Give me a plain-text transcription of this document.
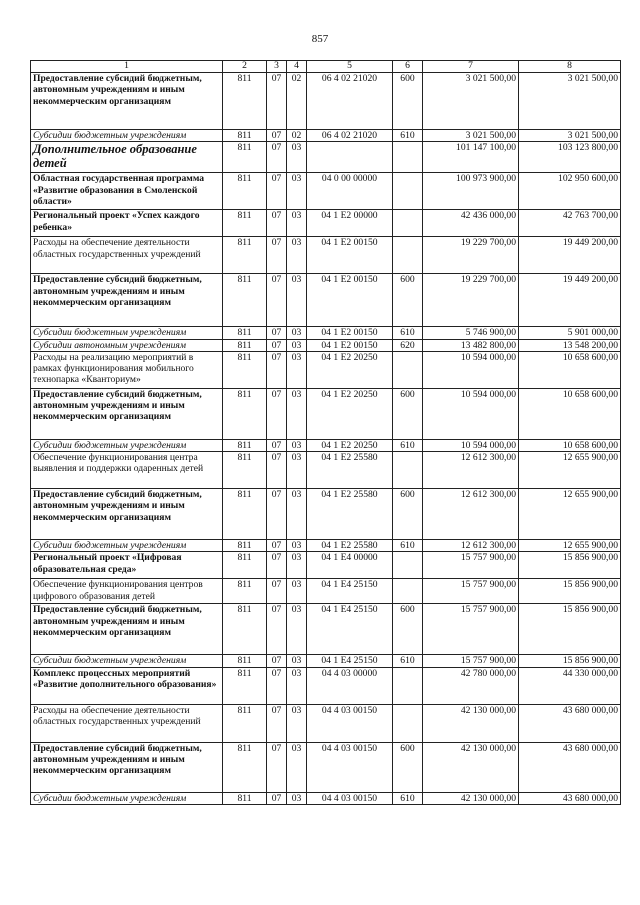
857
1	2	3	4	5	6	7	8
Предоставление субсидий бюджетным, автономным учреждениям и иным некоммерческим организациям	811	07	02	06 4 02 21020	600	3 021 500,00	3 021 500,00
Субсидии бюджетным учреждениям	811	07	02	06 4 02 21020	610	3 021 500,00	3 021 500,00
Дополнительное образование детей	811	07	03			101 147 100,00	103 123 800,00
Областная государственная программа «Развитие образования в Смоленской области»	811	07	03	04 0 00 00000		100 973 900,00	102 950 600,00
Региональный проект «Успех каждого ребенка»	811	07	03	04 1 E2 00000		42 436 000,00	42 763 700,00
Расходы на обеспечение деятельности областных государственных учреждений	811	07	03	04 1 E2 00150		19 229 700,00	19 449 200,00
Предоставление субсидий бюджетным, автономным учреждениям и иным некоммерческим организациям	811	07	03	04 1 E2 00150	600	19 229 700,00	19 449 200,00
Субсидии бюджетным учреждениям	811	07	03	04 1 E2 00150	610	5 746 900,00	5 901 000,00
Субсидии автономным учреждениям	811	07	03	04 1 E2 00150	620	13 482 800,00	13 548 200,00
Расходы на реализацию мероприятий в рамках функционирования мобильного технопарка «Кванториум»	811	07	03	04 1 E2 20250		10 594 000,00	10 658 600,00
Предоставление субсидий бюджетным, автономным учреждениям и иным некоммерческим организациям	811	07	03	04 1 E2 20250	600	10 594 000,00	10 658 600,00
Субсидии бюджетным учреждениям	811	07	03	04 1 E2 20250	610	10 594 000,00	10 658 600,00
Обеспечение функционирования центра выявления и поддержки одаренных детей	811	07	03	04 1 E2 25580		12 612 300,00	12 655 900,00
Предоставление субсидий бюджетным, автономным учреждениям и иным некоммерческим организациям	811	07	03	04 1 E2 25580	600	12 612 300,00	12 655 900,00
Субсидии бюджетным учреждениям	811	07	03	04 1 E2 25580	610	12 612 300,00	12 655 900,00
Региональный проект «Цифровая образовательная среда»	811	07	03	04 1 E4 00000		15 757 900,00	15 856 900,00
Обеспечение функционирования центров цифрового образования детей	811	07	03	04 1 E4 25150		15 757 900,00	15 856 900,00
Предоставление субсидий бюджетным, автономным учреждениям и иным некоммерческим организациям	811	07	03	04 1 E4 25150	600	15 757 900,00	15 856 900,00
Субсидии бюджетным учреждениям	811	07	03	04 1 E4 25150	610	15 757 900,00	15 856 900,00
Комплекс процессных мероприятий «Развитие дополнительного образования»	811	07	03	04 4 03 00000		42 780 000,00	44 330 000,00
Расходы на обеспечение деятельности областных государственных учреждений	811	07	03	04 4 03 00150		42 130 000,00	43 680 000,00
Предоставление субсидий бюджетным, автономным учреждениям и иным некоммерческим организациям	811	07	03	04 4 03 00150	600	42 130 000,00	43 680 000,00
Субсидии бюджетным учреждениям	811	07	03	04 4 03 00150	610	42 130 000,00	43 680 000,00
